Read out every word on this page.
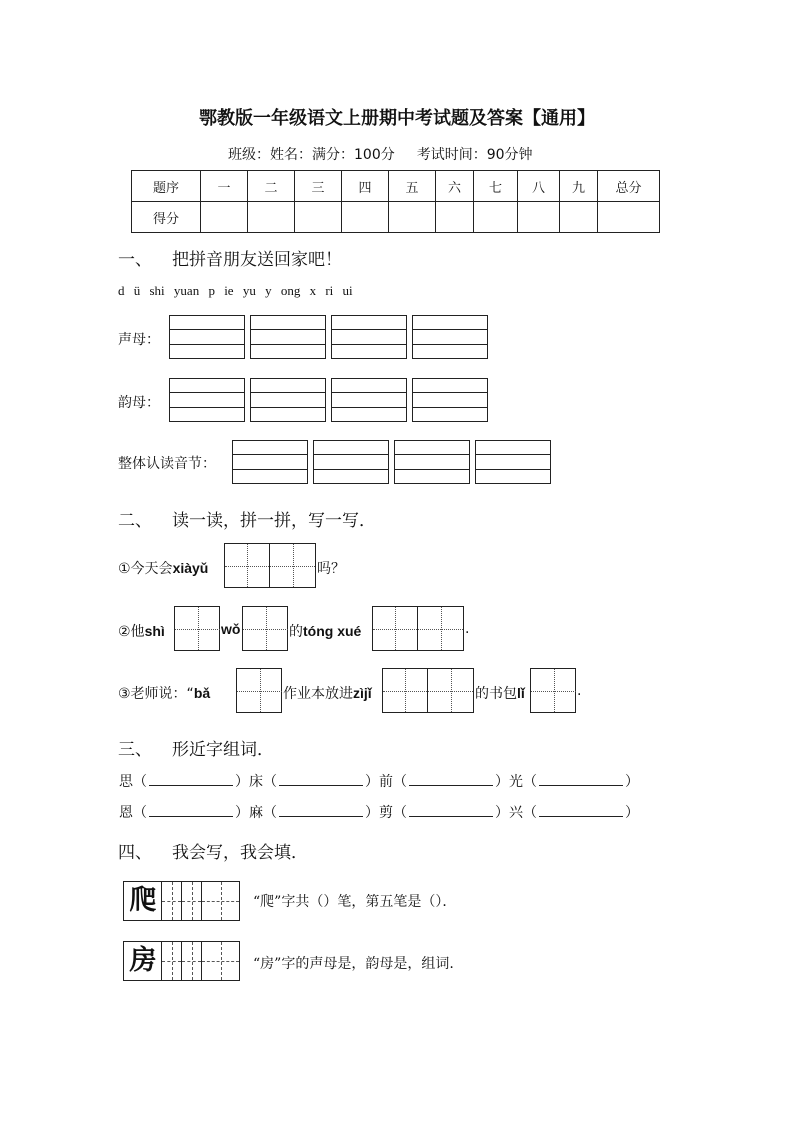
鄂教版一年级语文上册期中考试题及答案【通用】
班级：姓名：满分：100分 考试时间：90分钟
题序	一	二	三	四	五	六	七	八	九	总分
得分										
一、 把拼音朋友送回家吧！
d ü shi yuan p ie yu y ong x ri ui
声母：
韵母：
整体认读音节：
二、 读一读，拼一拼，写一写．
①今天会xiàyǔ	吗？
②他shì	wǒ	的tóng xué	.
③老师说：“bǎ	作业本放进zìjǐ	的书包lǐ	.
三、 形近字组词．
思（	）床（	）前（	）光（	）
恩（	）麻（	）剪（	）兴（	）
四、 我会写，我会填．
爬	“爬”字共（）笔，第五笔是（）．
房	“房”字的声母是，韵母是，组词.
